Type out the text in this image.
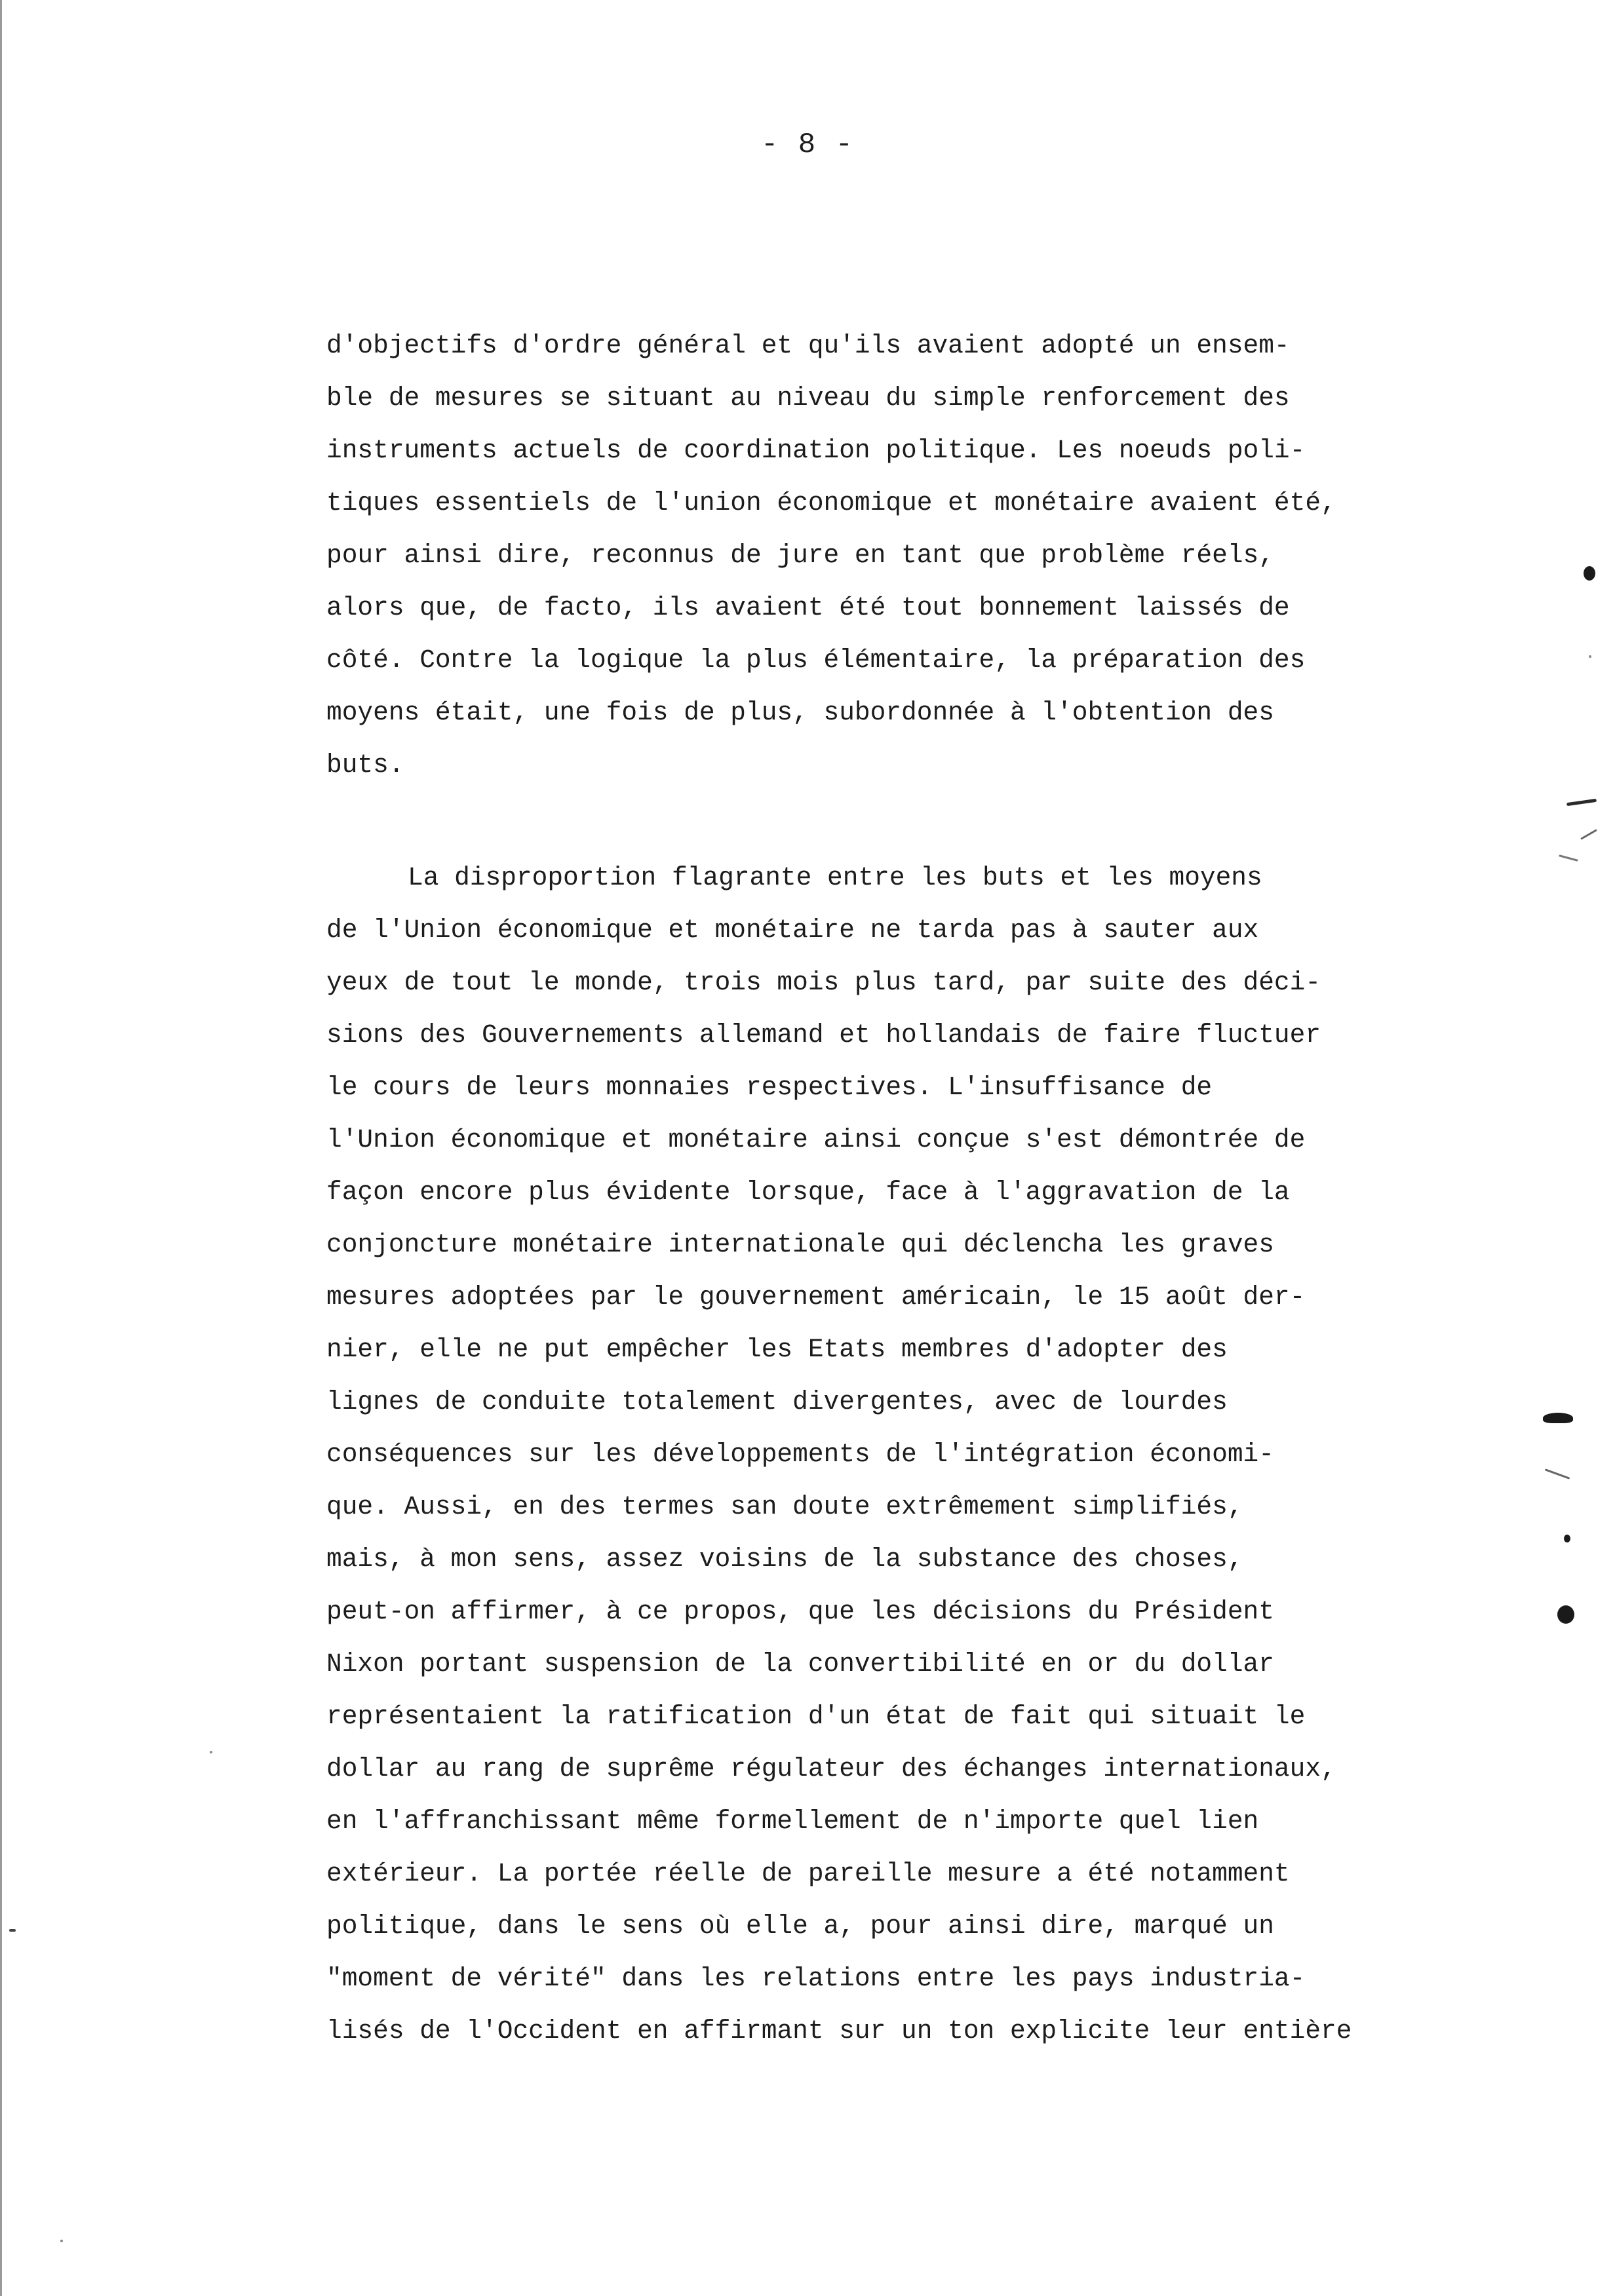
- 8 -
d'objectifs d'ordre général et qu'ils avaient adopté un ensem-
ble de mesures se situant au niveau du simple renforcement des
instruments actuels de coordination politique. Les noeuds poli-
tiques essentiels de l'union économique et monétaire avaient été,
pour ainsi dire, reconnus de jure en tant que problème réels,
alors que, de facto, ils avaient été tout bonnement laissés de
côté. Contre la logique la plus élémentaire, la préparation des
moyens était, une fois de plus, subordonnée à l'obtention des
buts.
La disproportion flagrante entre les buts et les moyens
de l'Union économique et monétaire ne tarda pas à sauter aux
yeux de tout le monde, trois mois plus tard, par suite des déci-
sions des Gouvernements allemand et hollandais de faire fluctuer
le cours de leurs monnaies respectives. L'insuffisance de
l'Union économique et monétaire ainsi conçue s'est démontrée de
façon encore plus évidente lorsque, face à l'aggravation de la
conjoncture monétaire internationale qui déclencha les graves
mesures adoptées par le gouvernement américain, le 15 août der-
nier, elle ne put empêcher les Etats membres d'adopter des
lignes de conduite totalement divergentes, avec de lourdes
conséquences sur les développements de l'intégration économi-
que. Aussi, en des termes san doute extrêmement simplifiés,
mais, à mon sens, assez voisins de la substance des choses,
peut-on affirmer, à ce propos, que les décisions du Président
Nixon portant suspension de la convertibilité en or du dollar
représentaient la ratification d'un état de fait qui situait le
dollar au rang de suprême régulateur des échanges internationaux,
en l'affranchissant même formellement de n'importe quel lien
extérieur. La portée réelle de pareille mesure a été notamment
politique, dans le sens où elle a, pour ainsi dire, marqué un
"moment de vérité" dans les relations entre les pays industria-
lisés de l'Occident en affirmant sur un ton explicite leur entière
